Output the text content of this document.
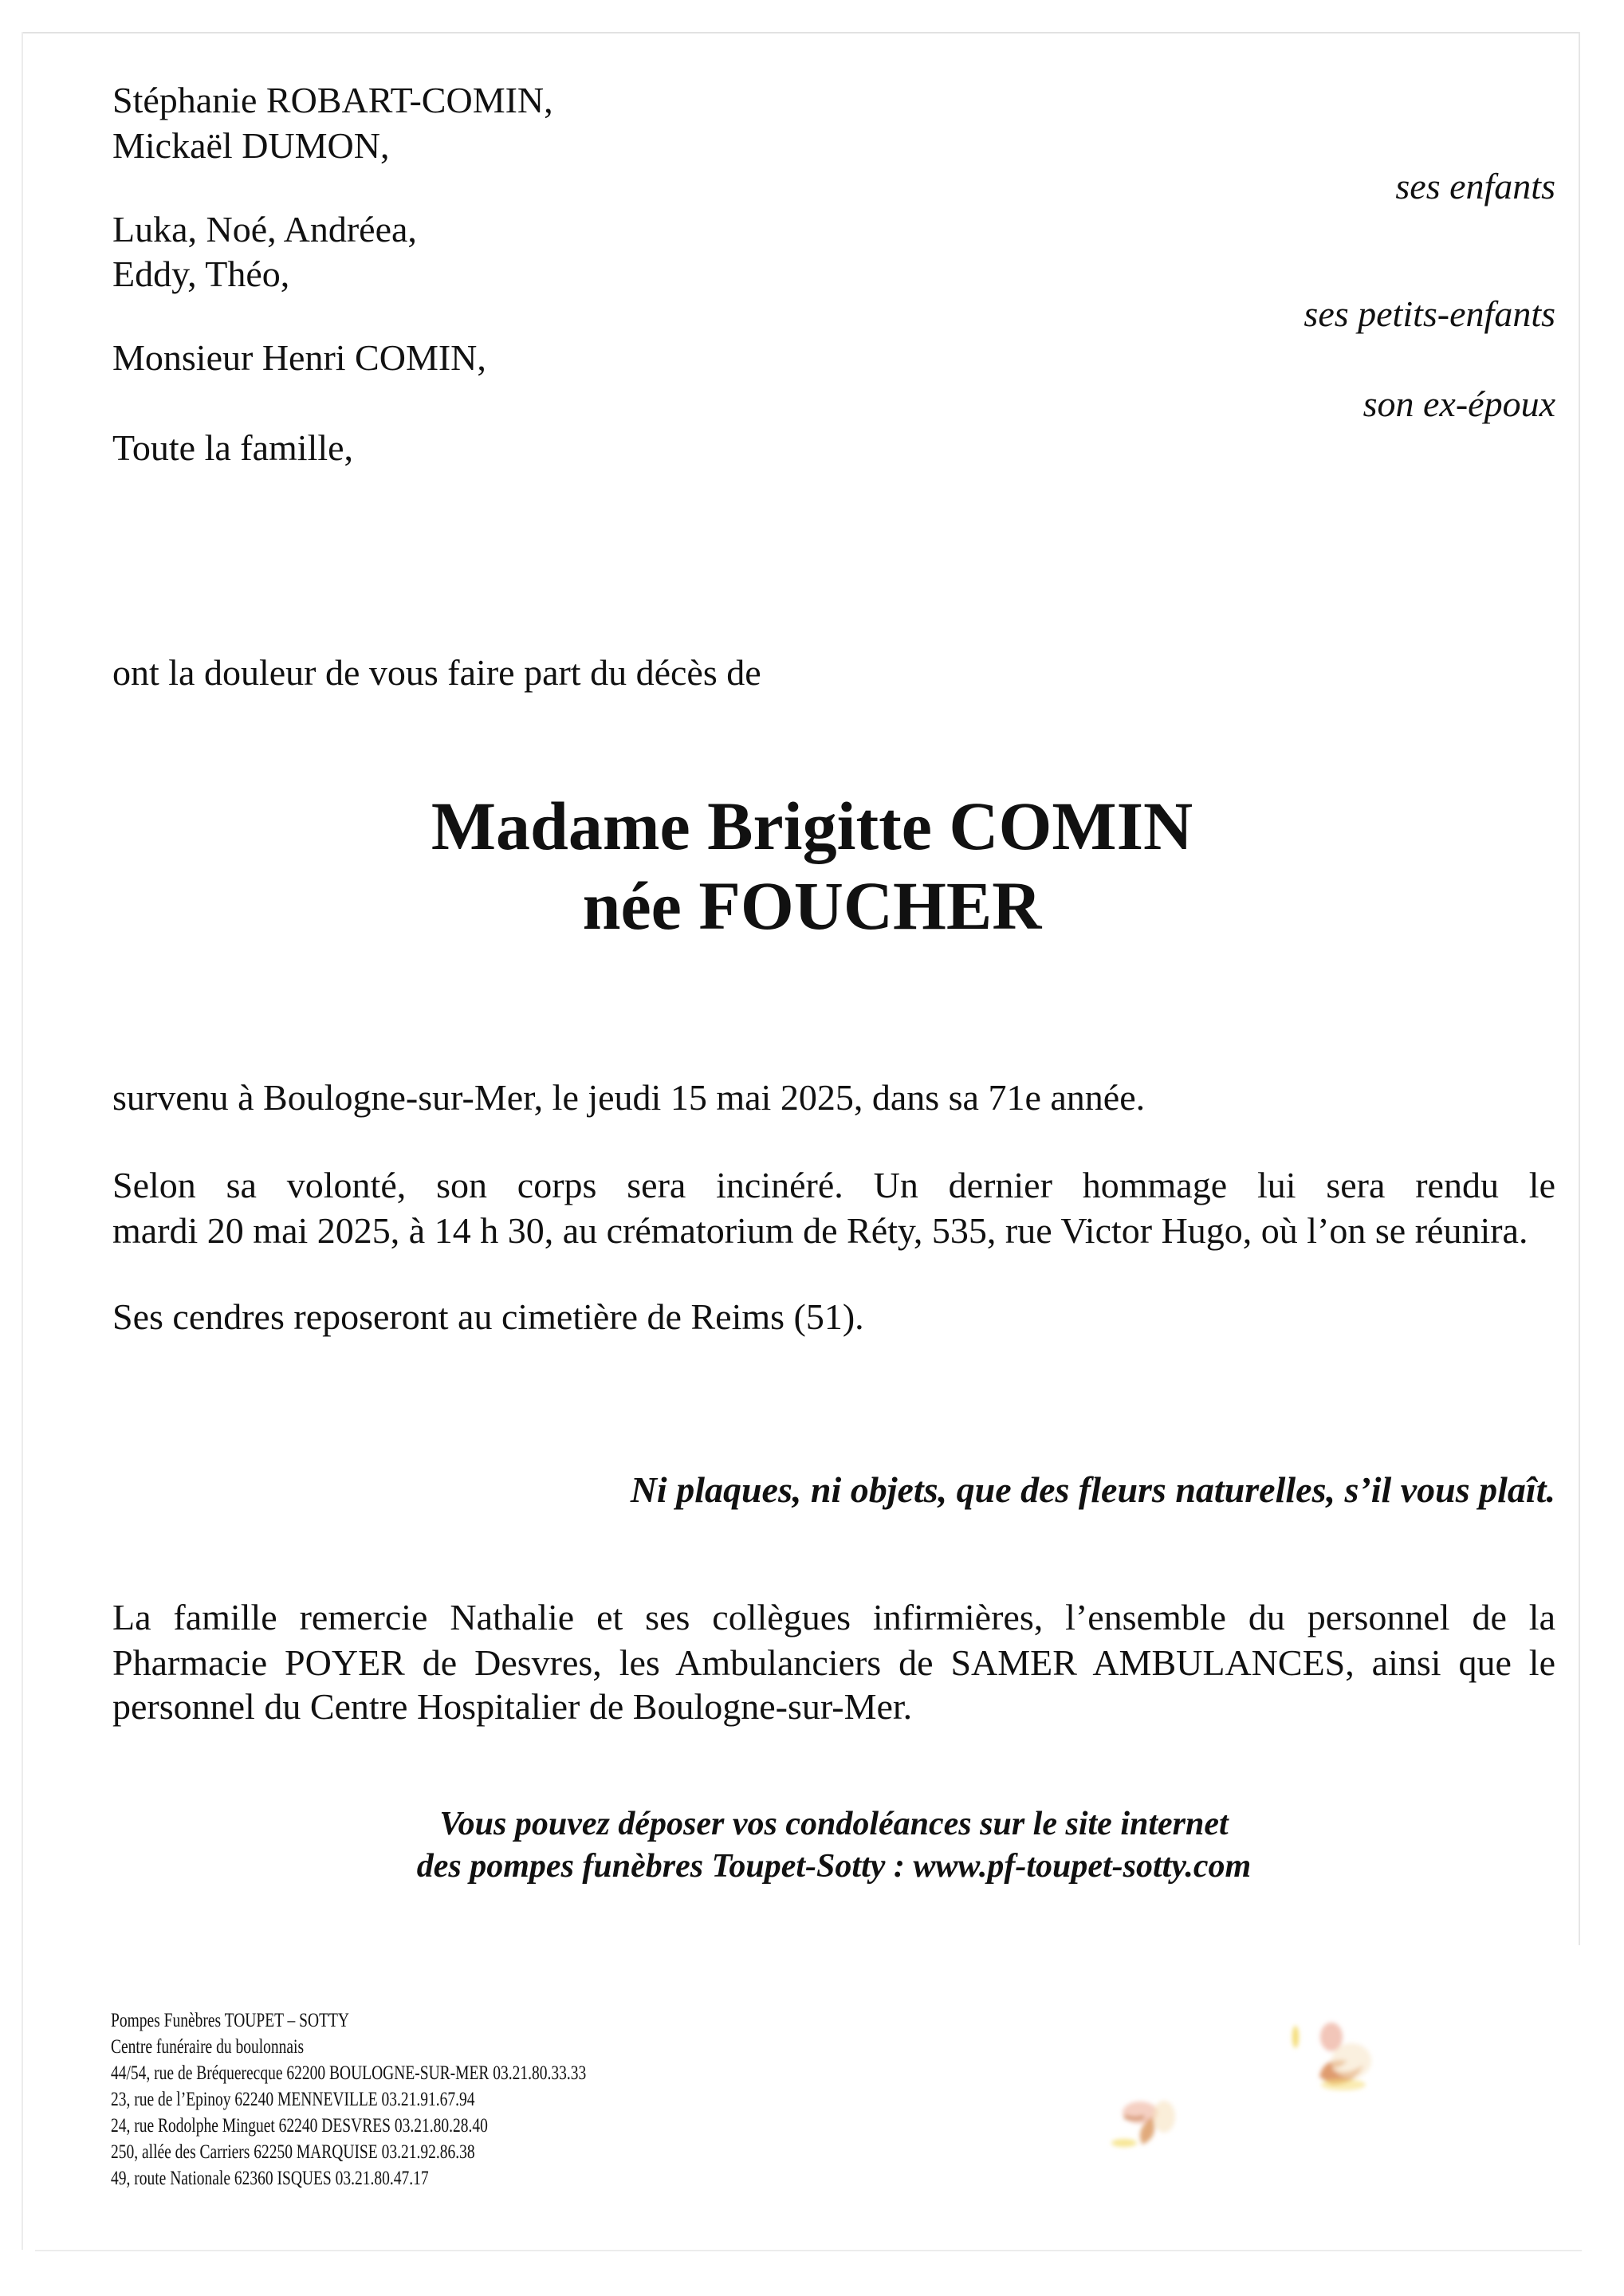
Stéphanie ROBART-COMIN,
Mickaël DUMON,
ses enfants
Luka, Noé, Andréea,
Eddy, Théo,
ses petits-enfants
Monsieur Henri COMIN,
son ex-époux
Toute la famille,
ont la douleur de vous faire part du décès de
Madame Brigitte COMIN
née FOUCHER
survenu à Boulogne-sur-Mer, le jeudi 15 mai 2025, dans sa 71e année.
Selon sa volonté, son corps sera incinéré. Un dernier hommage lui sera rendu le
mardi 20 mai 2025, à 14 h 30, au crématorium de Réty, 535, rue Victor Hugo, où l’on se réunira.
Ses cendres reposeront au cimetière de Reims (51).
Ni plaques, ni objets, que des fleurs naturelles, s’il vous plaît.
La famille remercie Nathalie et ses collègues infirmières, l’ensemble du personnel de la
Pharmacie POYER de Desvres, les Ambulanciers de SAMER AMBULANCES, ainsi que le
personnel du Centre Hospitalier de Boulogne-sur-Mer.
Vous pouvez déposer vos condoléances sur le site internet
des pompes funèbres Toupet-Sotty : www.pf-toupet-sotty.com
Pompes Funèbres TOUPET – SOTTY
Centre funéraire du boulonnais
44/54, rue de Bréquerecque 62200 BOULOGNE-SUR-MER 03.21.80.33.33
23, rue de l’Epinoy 62240 MENNEVILLE 03.21.91.67.94
24, rue Rodolphe Minguet 62240 DESVRES 03.21.80.28.40
250, allée des Carriers 62250 MARQUISE 03.21.92.86.38
49, route Nationale 62360 ISQUES 03.21.80.47.17
